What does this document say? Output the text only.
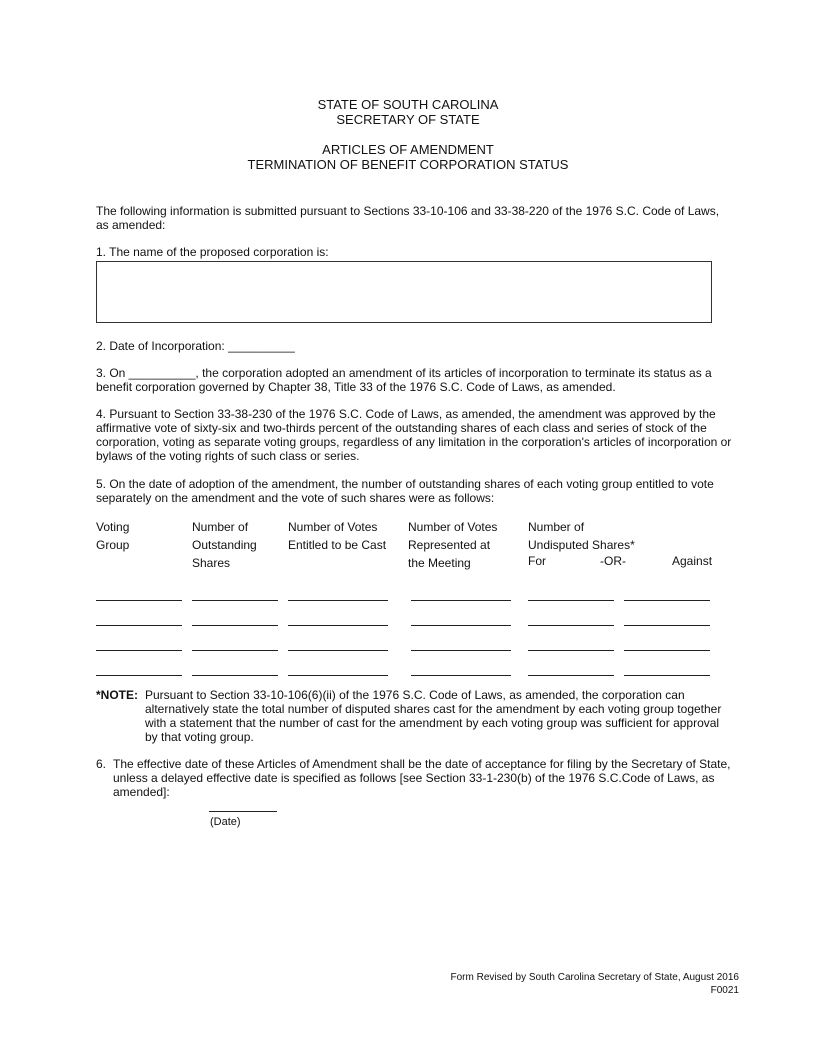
STATE OF SOUTH CAROLINA
SECRETARY OF STATE
ARTICLES OF AMENDMENT
TERMINATION OF BENEFIT CORPORATION STATUS
The following information is submitted pursuant to Sections 33-10-106 and 33-38-220 of the 1976 S.C. Code of Laws, as amended:
1. The name of the proposed corporation is:
2. Date of Incorporation: __________
3. On __________, the corporation adopted an amendment of its articles of incorporation to terminate its status as a benefit corporation governed by Chapter 38, Title 33 of the 1976 S.C. Code of Laws, as amended.
4. Pursuant to Section 33-38-230 of the 1976 S.C. Code of Laws, as amended, the amendment was approved by the affirmative vote of sixty-six and two-thirds percent of the outstanding shares of each class and series of stock of the corporation, voting as separate voting groups, regardless of any limitation in the corporation's articles of incorporation or bylaws of the voting rights of such class or series.
5. On the date of adoption of the amendment, the number of outstanding shares of each voting group entitled to vote separately on the amendment and the vote of such shares were as follows:
Voting
Group
Number of
Outstanding
Shares
Number of Votes
Entitled to be Cast
Number of Votes
Represented at
the Meeting
Number of
Undisputed Shares*
For	-OR-	Against
*NOTE: Pursuant to Section 33-10-106(6)(ii) of the 1976 S.C. Code of Laws, as amended, the corporation can alternatively state the total number of disputed shares cast for the amendment by each voting group together with a statement that the number of cast for the amendment by each voting group was sufficient for approval by that voting group.
6. The effective date of these Articles of Amendment shall be the date of acceptance for filing by the Secretary of State, unless a delayed effective date is specified as follows [see Section 33-1-230(b) of the 1976 S.C.Code of Laws, as amended]:
(Date)
Form Revised by South Carolina Secretary of State, August 2016
F0021
